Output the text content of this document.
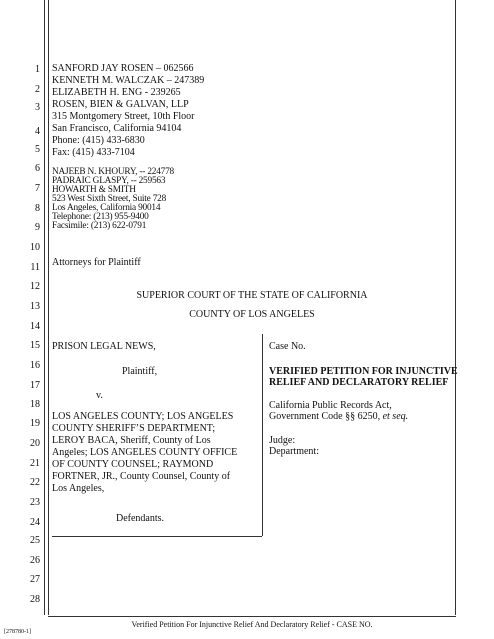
1
2
3
4
5
6
7
8
9
10
11
12
13
14
15
16
17
18
19
20
21
22
23
24
25
26
27
28
SANFORD JAY ROSEN – 062566
KENNETH M. WALCZAK – 247389
ELIZABETH H. ENG - 239265
ROSEN, BIEN & GALVAN, LLP
315 Montgomery Street, 10th Floor
San Francisco, California 94104
Phone: (415) 433-6830
Fax: (415) 433-7104
NAJEEB N. KHOURY, -- 224778
PADRAIC GLASPY, -- 259563
HOWARTH & SMITH
523 West Sixth Street, Suite 728
Los Angeles, California 90014
Telephone: (213) 955-9400
Facsimile: (213) 622-0791
Attorneys for Plaintiff
SUPERIOR COURT OF THE STATE OF CALIFORNIA
COUNTY OF LOS ANGELES
PRISON LEGAL NEWS,
Plaintiff,
v.
LOS ANGELES COUNTY; LOS ANGELES
COUNTY SHERIFF’S DEPARTMENT;
LEROY BACA, Sheriff, County of Los
Angeles; LOS ANGELES COUNTY OFFICE
OF COUNTY COUNSEL; RAYMOND
FORTNER, JR., County Counsel, County of
Los Angeles,
Defendants.
Case No.
VERIFIED PETITION FOR INJUNCTIVE
RELIEF AND DECLARATORY RELIEF
California Public Records Act,
Government Code §§ 6250, et seq.
Judge:
Department:
Verified Petition For Injunctive Relief And Declaratory Relief - CASE NO.
[278780-1]
